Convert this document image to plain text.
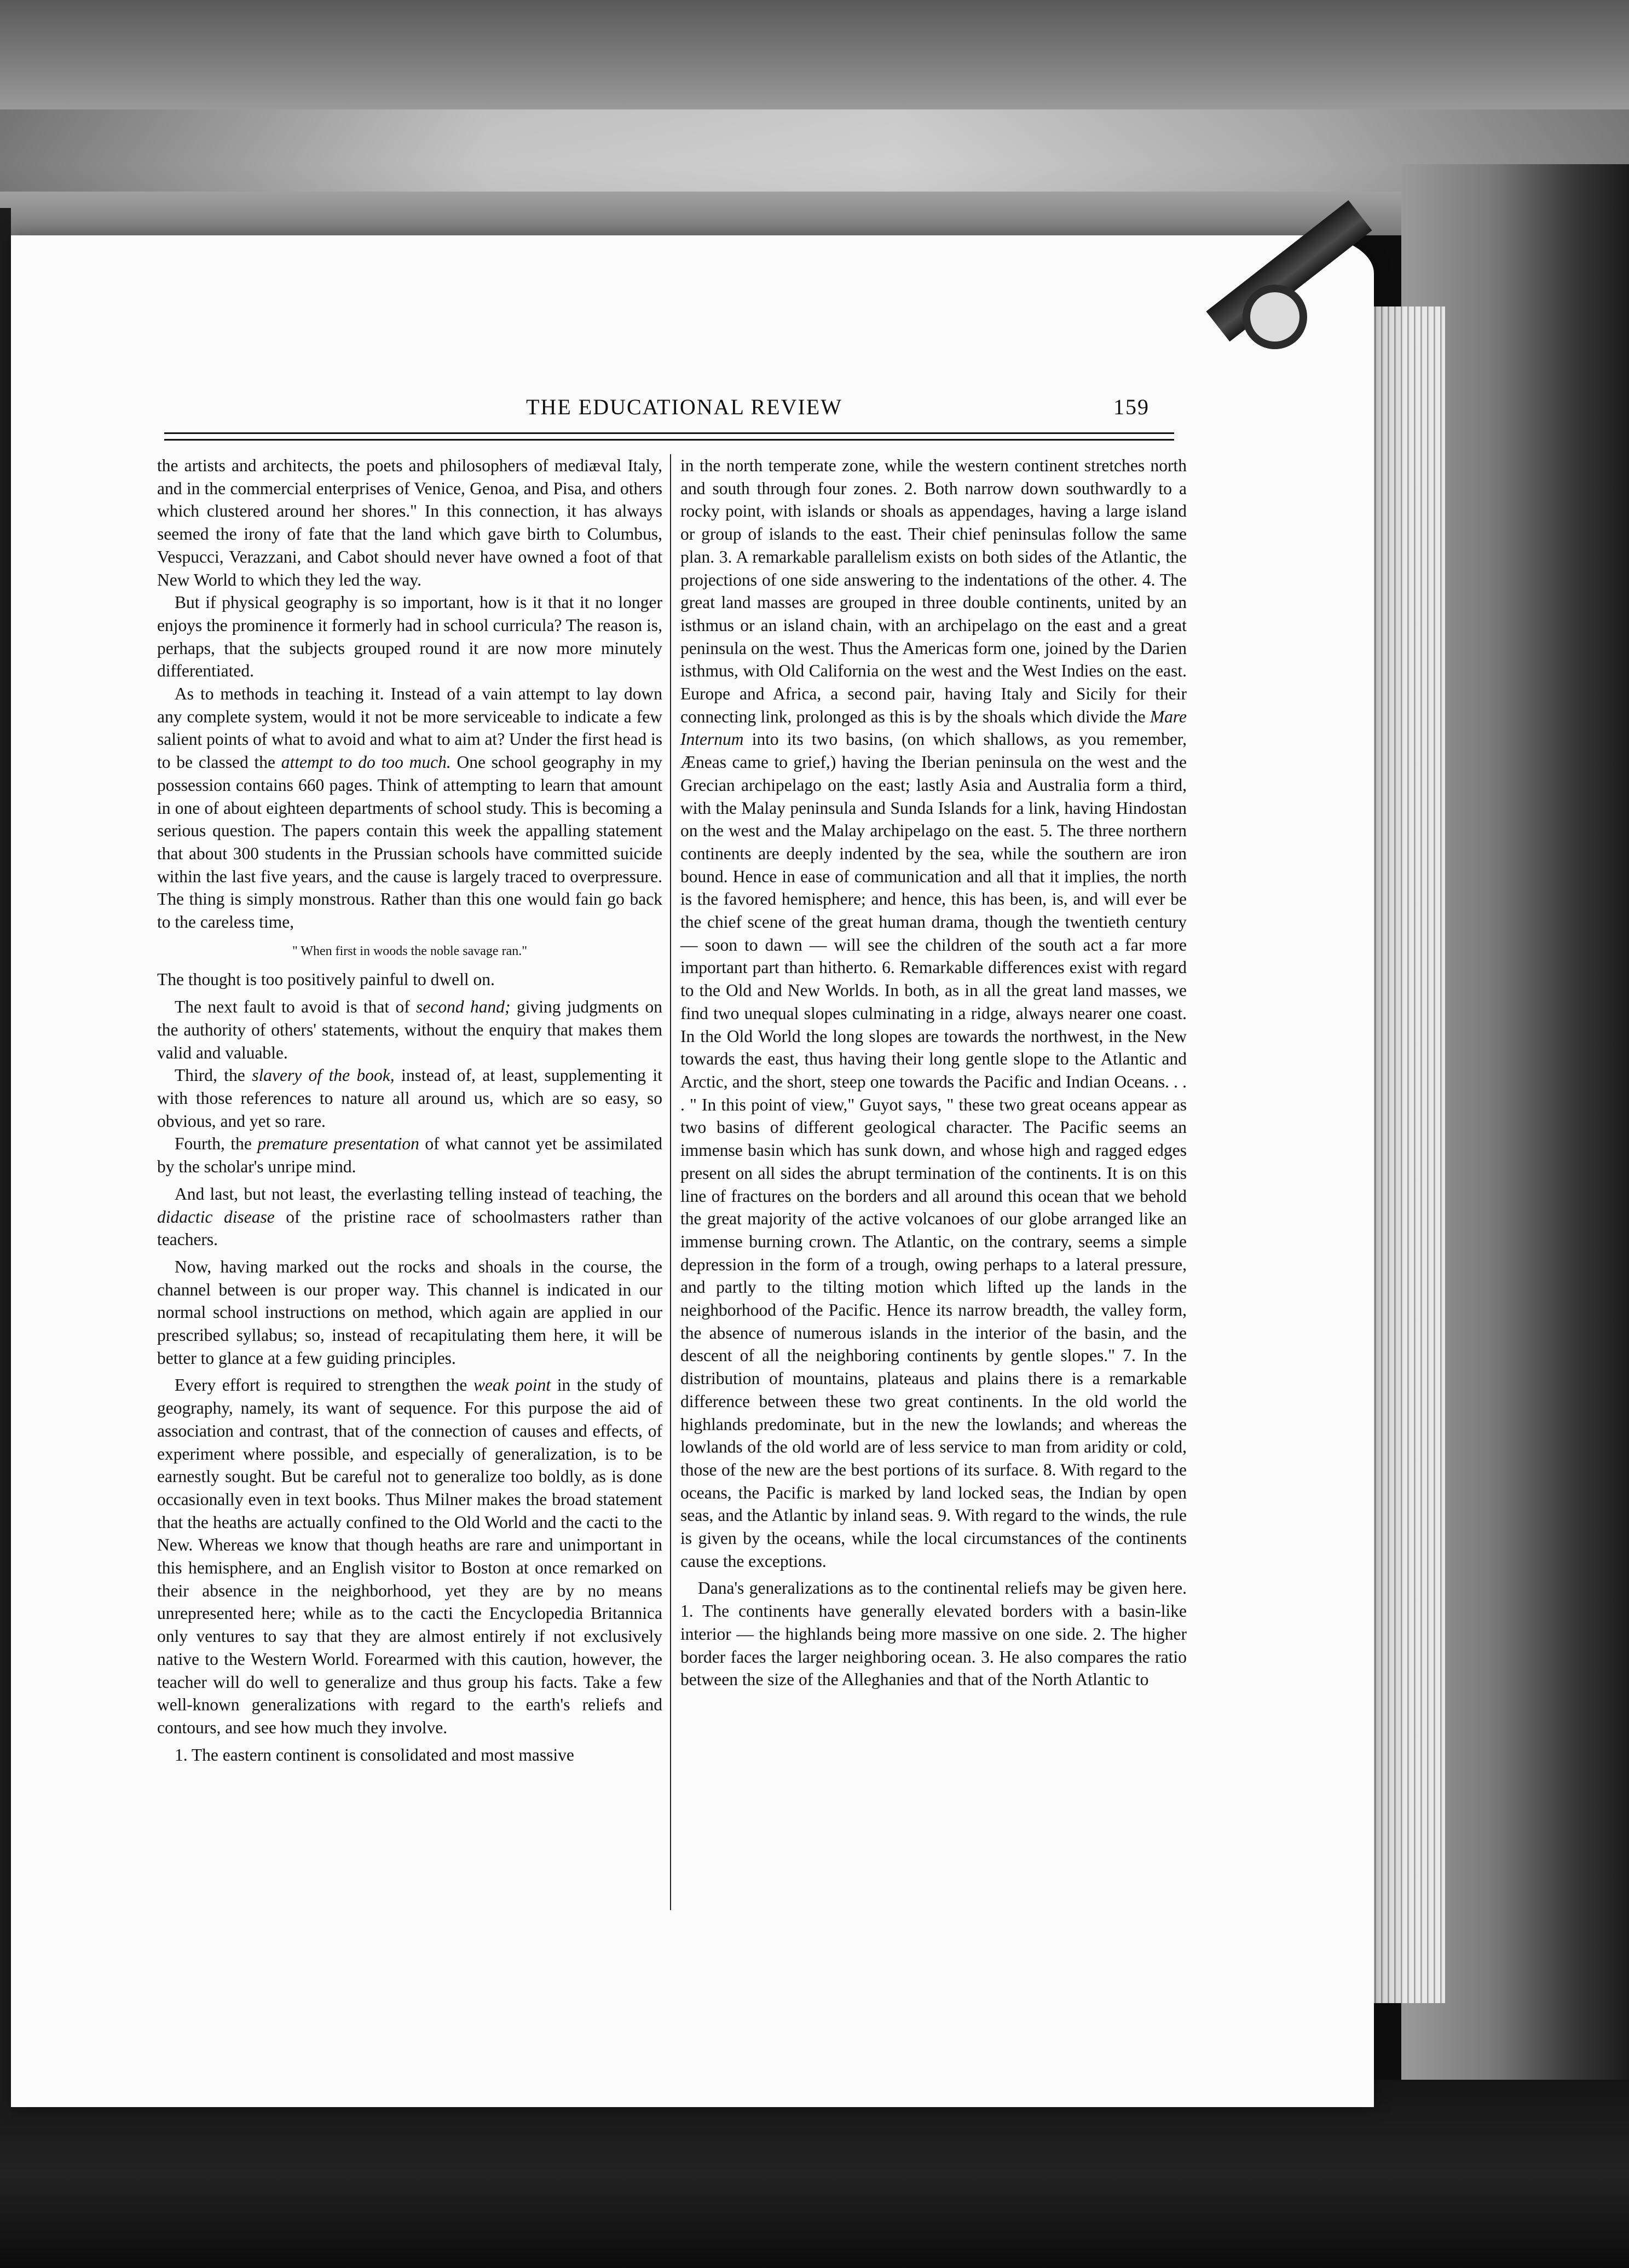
THE EDUCATIONAL REVIEW	159

the artists and architects, the poets and philosophers of mediæval Italy, and in the commercial enterprises of Venice, Genoa, and Pisa, and others which clustered around her shores." In this connection, it has always seemed the irony of fate that the land which gave birth to Columbus, Vespucci, Verazzani, and Cabot should never have owned a foot of that New World to which they led the way.

But if physical geography is so important, how is it that it no longer enjoys the prominence it formerly had in school curricula? The reason is, perhaps, that the subjects grouped round it are now more minutely differentiated.

As to methods in teaching it. Instead of a vain attempt to lay down any complete system, would it not be more serviceable to indicate a few salient points of what to avoid and what to aim at? Under the first head is to be classed the attempt to do too much. One school geography in my possession contains 660 pages. Think of attempting to learn that amount in one of about eighteen departments of school study. This is becoming a serious question. The papers contain this week the appalling statement that about 300 students in the Prussian schools have committed suicide within the last five years, and the cause is largely traced to overpressure. The thing is simply monstrous. Rather than this one would fain go back to the careless time,

" When first in woods the noble savage ran."

The thought is too positively painful to dwell on.

The next fault to avoid is that of second hand; giving judgments on the authority of others' statements, without the enquiry that makes them valid and valuable.

Third, the slavery of the book, instead of, at least, supplementing it with those references to nature all around us, which are so easy, so obvious, and yet so rare.

Fourth, the premature presentation of what cannot yet be assimilated by the scholar's unripe mind.

And last, but not least, the everlasting telling instead of teaching, the didactic disease of the pristine race of schoolmasters rather than teachers.

Now, having marked out the rocks and shoals in the course, the channel between is our proper way. This channel is indicated in our normal school instructions on method, which again are applied in our prescribed syllabus; so, instead of recapitulating them here, it will be better to glance at a few guiding principles.

Every effort is required to strengthen the weak point in the study of geography, namely, its want of sequence. For this purpose the aid of association and contrast, that of the connection of causes and effects, of experiment where possible, and especially of generalization, is to be earnestly sought. But be careful not to generalize too boldly, as is done occasionally even in text books. Thus Milner makes the broad statement that the heaths are actually confined to the Old World and the cacti to the New. Whereas we know that though heaths are rare and unimportant in this hemisphere, and an English visitor to Boston at once remarked on their absence in the neighborhood, yet they are by no means unrepresented here; while as to the cacti the Encyclopedia Britannica only ventures to say that they are almost entirely if not exclusively native to the Western World. Forearmed with this caution, however, the teacher will do well to generalize and thus group his facts. Take a few well-known generalizations with regard to the earth's reliefs and contours, and see how much they involve.

1. The eastern continent is consolidated and most massive

in the north temperate zone, while the western continent stretches north and south through four zones. 2. Both narrow down southwardly to a rocky point, with islands or shoals as appendages, having a large island or group of islands to the east. Their chief peninsulas follow the same plan. 3. A remarkable parallelism exists on both sides of the Atlantic, the projections of one side answering to the indentations of the other. 4. The great land masses are grouped in three double continents, united by an isthmus or an island chain, with an archipelago on the east and a great peninsula on the west. Thus the Americas form one, joined by the Darien isthmus, with Old California on the west and the West Indies on the east. Europe and Africa, a second pair, having Italy and Sicily for their connecting link, prolonged as this is by the shoals which divide the Mare Internum into its two basins, (on which shallows, as you remember, Æneas came to grief,) having the Iberian peninsula on the west and the Grecian archipelago on the east; lastly Asia and Australia form a third, with the Malay peninsula and Sunda Islands for a link, having Hindostan on the west and the Malay archipelago on the east. 5. The three northern continents are deeply indented by the sea, while the southern are iron bound. Hence in ease of communication and all that it implies, the north is the favored hemisphere; and hence, this has been, is, and will ever be the chief scene of the great human drama, though the twentieth century — soon to dawn — will see the children of the south act a far more important part than hitherto. 6. Remarkable differences exist with regard to the Old and New Worlds. In both, as in all the great land masses, we find two unequal slopes culminating in a ridge, always nearer one coast. In the Old World the long slopes are towards the northwest, in the New towards the east, thus having their long gentle slope to the Atlantic and Arctic, and the short, steep one towards the Pacific and Indian Oceans. . . . " In this point of view," Guyot says, " these two great oceans appear as two basins of different geological character. The Pacific seems an immense basin which has sunk down, and whose high and ragged edges present on all sides the abrupt termination of the continents. It is on this line of fractures on the borders and all around this ocean that we behold the great majority of the active volcanoes of our globe arranged like an immense burning crown. The Atlantic, on the contrary, seems a simple depression in the form of a trough, owing perhaps to a lateral pressure, and partly to the tilting motion which lifted up the lands in the neighborhood of the Pacific. Hence its narrow breadth, the valley form, the absence of numerous islands in the interior of the basin, and the descent of all the neighboring continents by gentle slopes." 7. In the distribution of mountains, plateaus and plains there is a remarkable difference between these two great continents. In the old world the highlands predominate, but in the new the lowlands; and whereas the lowlands of the old world are of less service to man from aridity or cold, those of the new are the best portions of its surface. 8. With regard to the oceans, the Pacific is marked by land locked seas, the Indian by open seas, and the Atlantic by inland seas. 9. With regard to the winds, the rule is given by the oceans, while the local circumstances of the continents cause the exceptions.

Dana's generalizations as to the continental reliefs may be given here. 1. The continents have generally elevated borders with a basin-like interior — the highlands being more massive on one side. 2. The higher border faces the larger neighboring ocean. 3. He also compares the ratio between the size of the Alleghanies and that of the North Atlantic to
